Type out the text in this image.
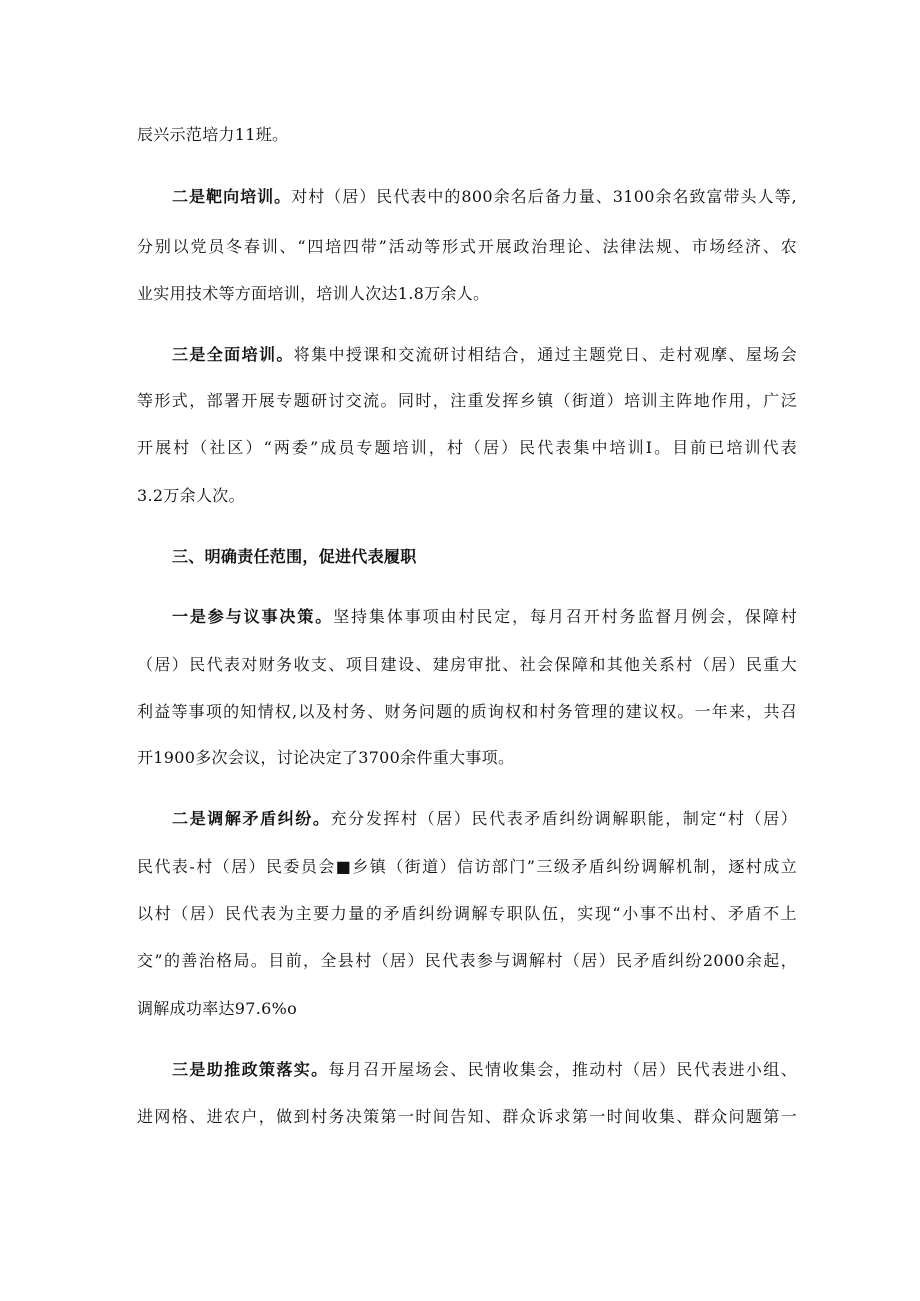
辰兴示范培力11班。
二是靶向培训。对村（居）民代表中的800余名后备力量、3100余名致富带头人等,
分别以党员冬春训、“四培四带”活动等形式开展政治理论、法律法规、市场经济、农
业实用技术等方面培训，培训人次达1.8万余人。
三是全面培训。将集中授课和交流研讨相结合，通过主题党日、走村观摩、屋场会
等形式，部署开展专题研讨交流。同时，注重发挥乡镇（街道）培训主阵地作用，广泛
开展村（社区）“两委”成员专题培训，村（居）民代表集中培训I。目前已培训代表
3.2万余人次。
三、明确责任范围，促进代表履职
一是参与议事决策。坚持集体事项由村民定，每月召开村务监督月例会，保障村
（居）民代表对财务收支、项目建设、建房审批、社会保障和其他关系村（居）民重大
利益等事项的知情权,以及村务、财务问题的质询权和村务管理的建议权。一年来，共召
开1900多次会议，讨论决定了3700余件重大事项。
二是调解矛盾纠纷。充分发挥村（居）民代表矛盾纠纷调解职能，制定“村（居）
民代表-村（居）民委员会■乡镇（街道）信访部门”三级矛盾纠纷调解机制，逐村成立
以村（居）民代表为主要力量的矛盾纠纷调解专职队伍，实现“小事不出村、矛盾不上
交”的善治格局。目前，全县村（居）民代表参与调解村（居）民矛盾纠纷2000余起，
调解成功率达97.6%o
三是助推政策落实。每月召开屋场会、民情收集会，推动村（居）民代表进小组、
进网格、进农户，做到村务决策第一时间告知、群众诉求第一时间收集、群众问题第一
